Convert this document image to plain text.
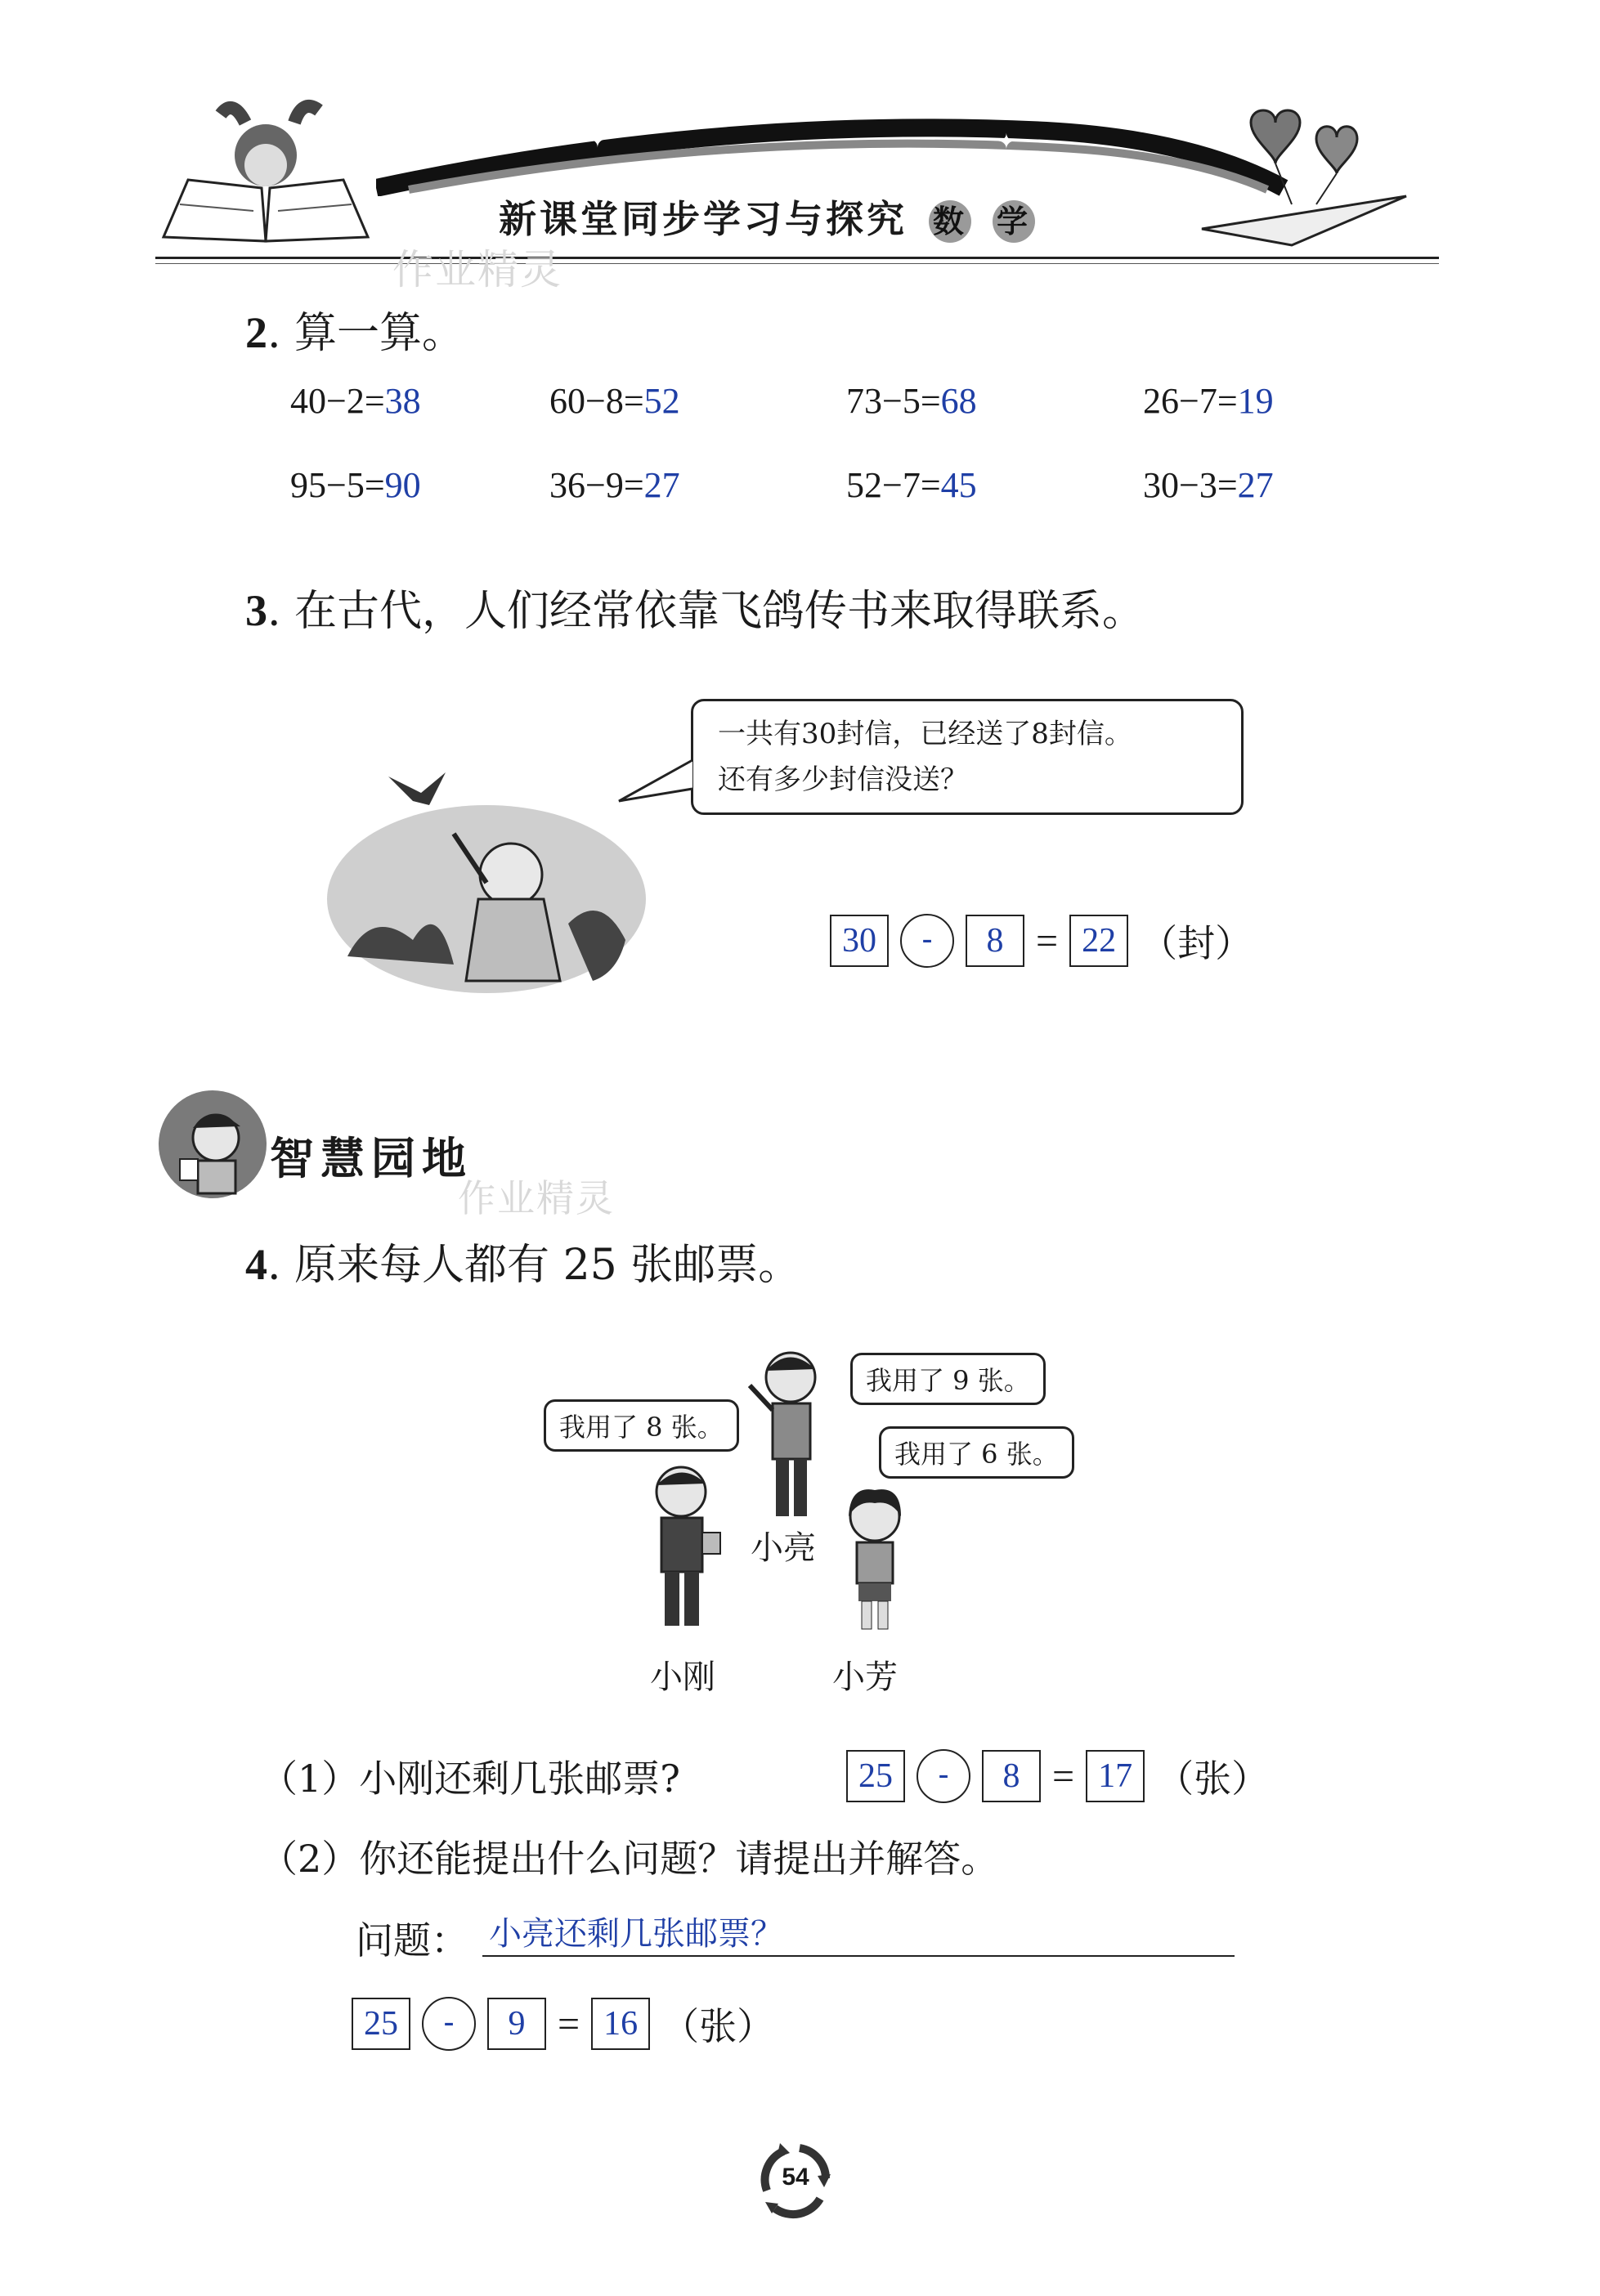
✦	✦
新课堂同步学习与探究 数 学
作业精灵
2. 算一算。
40−2=38	60−8=52	73−5=68	26−7=19
95−5=90	36−9=27	52−7=45	30−3=27
3. 在古代，人们经常依靠飞鸽传书来取得联系。
一共有30封信，已经送了8封信。
还有多少封信没送？
30	-	8 = 22 （封）
智慧园地
作业精灵
4. 原来每人都有 25 张邮票。
我用了 9 张。
我用了 8 张。
我用了 6 张。
小亮
小刚	小芳
（1）小刚还剩几张邮票?	25	-	8 = 17 （张）
（2）你还能提出什么问题？请提出并解答。
问题： 小亮还剩几张邮票？
25	-	9 = 16 （张）
54
